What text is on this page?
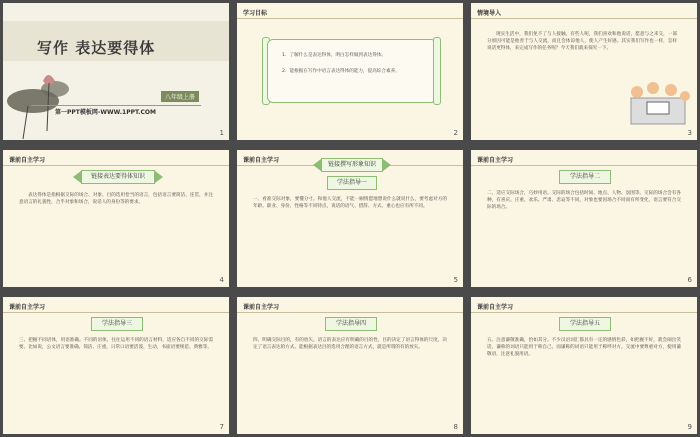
写作 表达要得体
八年级上册
第一PPT模板网-WWW.1PPT.COM
1
学习目标
1．了解什么是表达得体，明白怎样做到表达得体。
2．能根据在写作中语言表达得体的能力，提高综合素养。
2
情境导入
现实生活中，我们免不了与人接触。有些人呢，我们喜欢和他说话，愿意与之来交，一部分原因可能是他善于与人交流，而且会体谅他人，使人产生好感。其实我们写作也一样，怎样说话更得体，来完成写作的任务呢？今天我们就来探究一下。
3
课前自主学习
链接表达要得体知识
表达得体是指根据交际的场合、对象、目的选用恰当的语言，包括语言要简洁、连贯，并注意语言的礼貌性，合乎对象和场合，说话人的身份等的要求。
4
课前自主学习
链接撰写形象知识
学法指导一
一、看准交际对象，要懂分寸。和他人交流，不能一厢情愿地想说什么就说什么，要考虑对方的年龄、职业、身份、性格等不同特点，说话的语气、措辞、方式、重心也应有所不同。
5
课前自主学习
学法指导二
二、适应交际场合，巧妙用语。交际的场合包括时间、地点、人物、氛围等。交际的场合会有各种，有喜庆、庄重、欢乐、严肃、悲哀等不同，对象也要因场合不同而有所变化，语言要符合交际的场合。
6
课前自主学习
学法指导三
三、把握不同语体，用语准确。不同的语体，往往运用不同的语言材料，适应各自不同的交际需要。比如说，公文语言要准确、简洁、庄重，日常口语要活泼、生动，书面语要规范、典雅等。
7
课前自主学习
学法指导四
四、明确交际目的，有的放矢。语言的表达应有明确的目的性，目的决定了语言得体的尺度，决定了语言表达的方式。能根据表达目的选用合理的语言方式，就是所谓的有的放矢。
8
课前自主学习
学法指导五
五、注意谦敬准确，恰如其分。不少汉语词汇都具有一定的感情色彩，如把握不好，就会闹出笑话。谦称的词语只能用于称自己，而谦称的词语只能用于称呼对方。交流中要尊重对方，使用谦敬语，注意礼貌用语。
9
